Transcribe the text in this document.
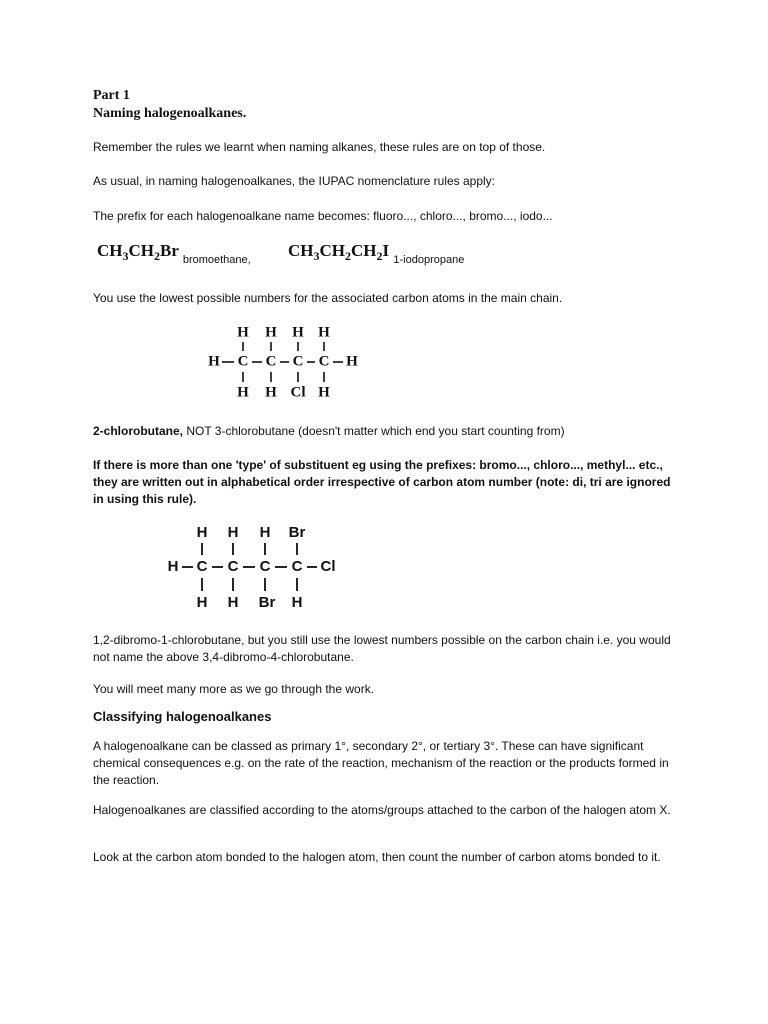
Part 1
Naming halogenoalkanes.
Remember the rules we learnt when naming alkanes, these rules are on top of those.
As usual, in naming halogenoalkanes, the IUPAC nomenclature rules apply:
The prefix for each halogenoalkane name becomes: fluoro..., chloro..., bromo..., iodo...
$CH_3CH_2Br$ $_{bromoethane,}$ $CH_3CH_2CH_2I$ $_{1-iodopropane}$
You use the lowest possible numbers for the associated carbon atoms in the main chain.
H H H H
H C C C C H
H H Cl H
2-chlorobutane, NOT 3-chlorobutane (doesn't matter which end you start counting from)
If there is more than one 'type' of substituent eg using the prefixes: bromo..., chloro..., methyl... etc., they are written out in alphabetical order irrespective of carbon atom number (note: di, tri are ignored in using this rule).
H H H Br
H C C C C Cl
H H Br H
1,2-dibromo-1-chlorobutane, but you still use the lowest numbers possible on the carbon chain i.e. you would not name the above 3,4-dibromo-4-chlorobutane.
You will meet many more as we go through the work.
Classifying halogenoalkanes
A halogenoalkane can be classed as primary 1°, secondary 2°, or tertiary 3°. These can have significant chemical consequences e.g. on the rate of the reaction, mechanism of the reaction or the products formed in the reaction.
Halogenoalkanes are classified according to the atoms/groups attached to the carbon of the halogen atom X.
Look at the carbon atom bonded to the halogen atom, then count the number of carbon atoms bonded to it.
